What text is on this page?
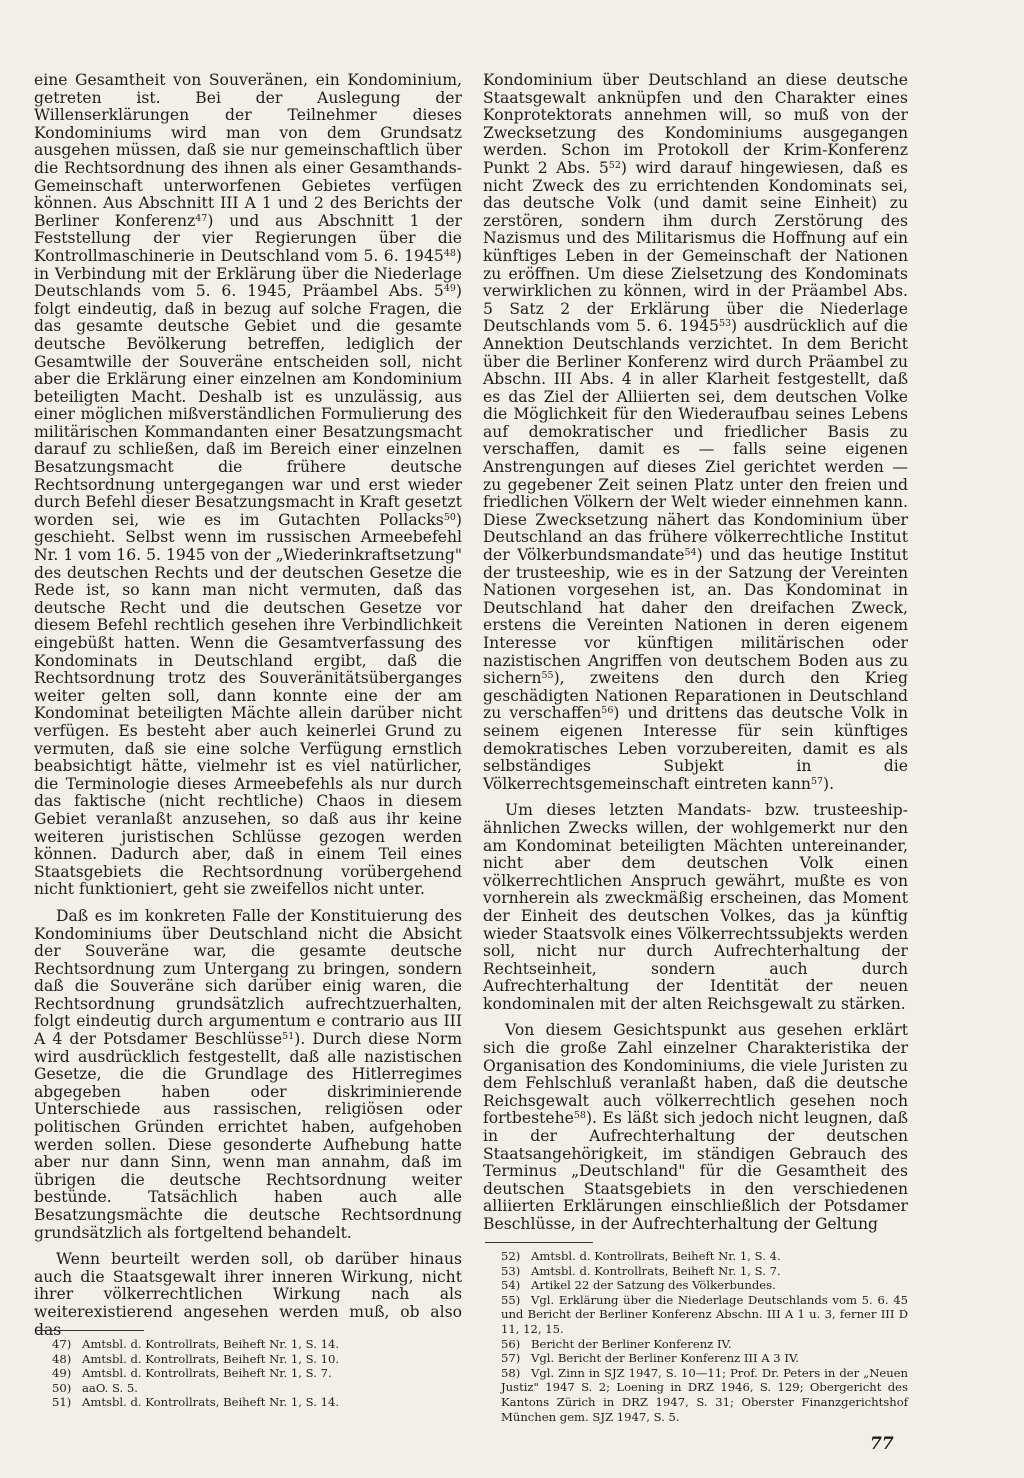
eine Gesamtheit von Souveränen, ein Kondominium, getreten ist. Bei der Auslegung der Willenserklärungen der Teilnehmer dieses Kondominiums wird man von dem Grundsatz ausgehen müssen, daß sie nur gemeinschaftlich über die Rechtsordnung des ihnen als einer Gesamthands-Gemeinschaft unterworfenen Gebietes verfügen können. Aus Abschnitt III A 1 und 2 des Berichts der Berliner Konferenz$^{47}$) und aus Abschnitt 1 der Feststellung der vier Regierungen über die Kontrollmaschinerie in Deutschland vom 5. 6. 1945$^{48}$) in Verbindung mit der Erklärung über die Niederlage Deutschlands vom 5. 6. 1945, Präambel Abs. $5^{49}$) folgt eindeutig, daß in bezug auf solche Fragen, die das gesamte deutsche Gebiet und die gesamte deutsche Bevölkerung betreffen, lediglich der Gesamtwille der Souveräne entscheiden soll, nicht aber die Erklärung einer einzelnen am Kondominium beteiligten Macht. Deshalb ist es unzulässig, aus einer möglichen mißverständlichen Formulierung des militärischen Kommandanten einer Besatzungsmacht darauf zu schließen, daß im Bereich einer einzelnen Besatzungsmacht die frühere deutsche Rechtsordnung untergegangen war und erst wieder durch Befehl dieser Besatzungsmacht in Kraft gesetzt worden sei, wie es im Gutachten Pollacks$^{50}$) geschieht. Selbst wenn im russischen Armeebefehl Nr. 1 vom 16. 5. 1945 von der „Wiederinkraftsetzung" des deutschen Rechts und der deutschen Gesetze die Rede ist, so kann man nicht vermuten, daß das deutsche Recht und die deutschen Gesetze vor diesem Befehl rechtlich gesehen ihre Verbindlichkeit eingebüßt hatten. Wenn die Gesamtverfassung des Kondominats in Deutschland ergibt, daß die Rechtsordnung trotz des Souveränitätsüberganges weiter gelten soll, dann konnte eine der am Kondominat beteiligten Mächte allein darüber nicht verfügen. Es besteht aber auch keinerlei Grund zu vermuten, daß sie eine solche Verfügung ernstlich beabsichtigt hätte, vielmehr ist es viel natürlicher, die Terminologie dieses Armeebefehls als nur durch das faktische (nicht rechtliche) Chaos in diesem Gebiet veranlaßt anzusehen, so daß aus ihr keine weiteren juristischen Schlüsse gezogen werden können. Dadurch aber, daß in einem Teil eines Staatsgebiets die Rechtsordnung vorübergehend nicht funktioniert, geht sie zweifellos nicht unter.

Daß es im konkreten Falle der Konstituierung des Kondominiums über Deutschland nicht die Absicht der Souveräne war, die gesamte deutsche Rechtsordnung zum Untergang zu bringen, sondern daß die Souveräne sich darüber einig waren, die Rechtsordnung grundsätzlich aufrechtzuerhalten, folgt eindeutig durch argumentum e contrario aus III A 4 der Potsdamer Beschlüsse$^{51}$). Durch diese Norm wird ausdrücklich festgestellt, daß alle nazistischen Gesetze, die die Grundlage des Hitlerregimes abgegeben haben oder diskriminierende Unterschiede aus rassischen, religiösen oder politischen Gründen errichtet haben, aufgehoben werden sollen. Diese gesonderte Aufhebung hatte aber nur dann Sinn, wenn man annahm, daß im übrigen die deutsche Rechtsordnung weiter bestünde. Tatsächlich haben auch alle Besatzungsmächte die deutsche Rechtsordnung grundsätzlich als fortgeltend behandelt.

Wenn beurteilt werden soll, ob darüber hinaus auch die Staatsgewalt ihrer inneren Wirkung, nicht ihrer völkerrechtlichen Wirkung nach als weiterexistierend angesehen werden muß, ob also das

Kondominium über Deutschland an diese deutsche Staatsgewalt anknüpfen und den Charakter eines Konprotektorats annehmen will, so muß von der Zwecksetzung des Kondominiums ausgegangen werden. Schon im Protokoll der Krim-Konferenz Punkt 2 Abs. $5^{52}$) wird darauf hingewiesen, daß es nicht Zweck des zu errichtenden Kondominats sei, das deutsche Volk (und damit seine Einheit) zu zerstören, sondern ihm durch Zerstörung des Nazismus und des Militarismus die Hoffnung auf ein künftiges Leben in der Gemeinschaft der Nationen zu eröffnen. Um diese Zielsetzung des Kondominats verwirklichen zu können, wird in der Präambel Abs. 5 Satz 2 der Erklärung über die Niederlage Deutschlands vom 5. 6. 1945$^{53}$) ausdrücklich auf die Annektion Deutschlands verzichtet. In dem Bericht über die Berliner Konferenz wird durch Präambel zu Abschn. III Abs. 4 in aller Klarheit festgestellt, daß es das Ziel der Alliierten sei, dem deutschen Volke die Möglichkeit für den Wiederaufbau seines Lebens auf demokratischer und friedlicher Basis zu verschaffen, damit es — falls seine eigenen Anstrengungen auf dieses Ziel gerichtet werden — zu gegebener Zeit seinen Platz unter den freien und friedlichen Völkern der Welt wieder einnehmen kann. Diese Zwecksetzung nähert das Kondominium über Deutschland an das frühere völkerrechtliche Institut der Völkerbundsmandate$^{54}$) und das heutige Institut der trusteeship, wie es in der Satzung der Vereinten Nationen vorgesehen ist, an. Das Kondominat in Deutschland hat daher den dreifachen Zweck, erstens die Vereinten Nationen in deren eigenem Interesse vor künftigen militärischen oder nazistischen Angriffen von deutschem Boden aus zu sichern$^{55}$), zweitens den durch den Krieg geschädigten Nationen Reparationen in Deutschland zu verschaffen$^{56}$) und drittens das deutsche Volk in seinem eigenen Interesse für sein künftiges demokratisches Leben vorzubereiten, damit es als selbständiges Subjekt in die Völkerrechtsgemeinschaft eintreten kann$^{57}$).

Um dieses letzten Mandats- bzw. trusteeship-ähnlichen Zwecks willen, der wohlgemerkt nur den am Kondominat beteiligten Mächten untereinander, nicht aber dem deutschen Volk einen völkerrechtlichen Anspruch gewährt, mußte es von vornherein als zweckmäßig erscheinen, das Moment der Einheit des deutschen Volkes, das ja künftig wieder Staatsvolk eines Völkerrechtssubjekts werden soll, nicht nur durch Aufrechterhaltung der Rechtseinheit, sondern auch durch Aufrechterhaltung der Identität der neuen kondominalen mit der alten Reichsgewalt zu stärken.

Von diesem Gesichtspunkt aus gesehen erklärt sich die große Zahl einzelner Charakteristika der Organisation des Kondominiums, die viele Juristen zu dem Fehlschluß veranlaßt haben, daß die deutsche Reichsgewalt auch völkerrechtlich gesehen noch fortbestehe$^{58}$). Es läßt sich jedoch nicht leugnen, daß in der Aufrechterhaltung der deutschen Staatsangehörigkeit, im ständigen Gebrauch des Terminus „Deutschland" für die Gesamtheit des deutschen Staatsgebiets in den verschiedenen alliierten Erklärungen einschließlich der Potsdamer Beschlüsse, in der Aufrechterhaltung der Geltung

47) Amtsbl. d. Kontrollrats, Beiheft Nr. 1, S. 14.

48) Amtsbl. d. Kontrollrats, Beiheft Nr. 1, S. 10.

49) Amtsbl. d. Kontrollrats, Beiheft Nr. 1, S. 7.

50) aaO. S. 5.

51) Amtsbl. d. Kontrollrats, Beiheft Nr. 1, S. 14.

52) Amtsbl. d. Kontrollrats, Beiheft Nr. 1, S. 4.

53) Amtsbl. d. Kontrollrats, Beiheft Nr. 1, S. 7.

54) Artikel 22 der Satzung des Völkerbundes.

55) Vgl. Erklärung über die Niederlage Deutschlands vom 5. 6. 45 und Bericht der Berliner Konferenz Abschn. III A 1 u. 3, ferner III D 11, 12, 15.

56) Bericht der Berliner Konferenz IV.

57) Vgl. Bericht der Berliner Konferenz III A 3 IV.

58) Vgl. Zinn in SJZ 1947, S. 10—11; Prof. Dr. Peters in der „Neuen Justiz" 1947 S. 2; Loening in DRZ 1946, S. 129; Obergericht des Kantons Zürich in DRZ 1947, S. 31; Oberster Finanzgerichtshof München gem. SJZ 1947, S. 5.

77
